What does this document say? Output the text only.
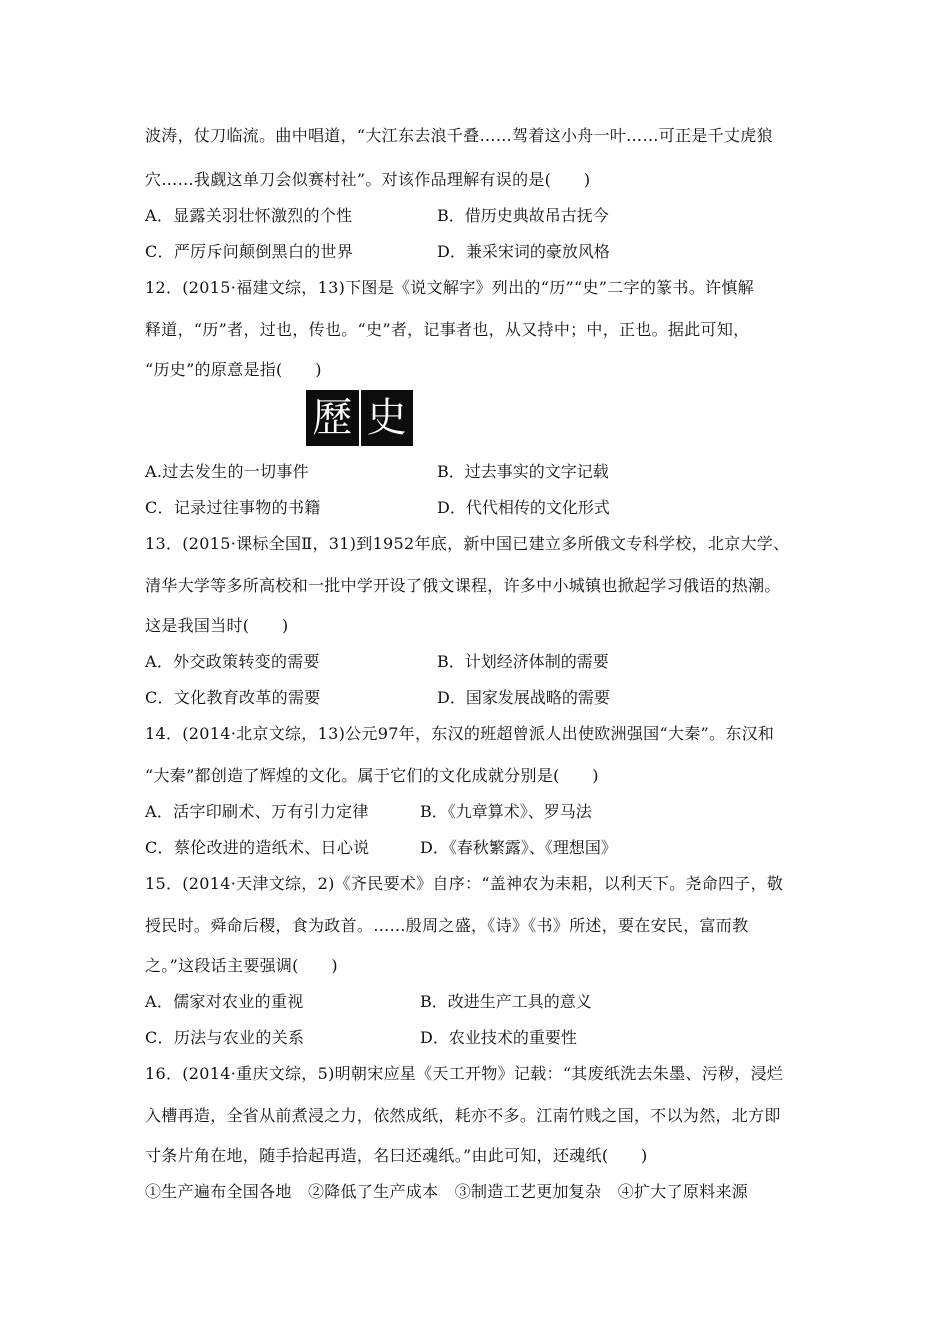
波涛，仗刀临流。曲中唱道，“大江东去浪千叠……驾着这小舟一叶……可正是千丈虎狼
穴……我觑这单刀会似赛村社”。对该作品理解有误的是(　　)
A．显露关羽壮怀激烈的个性	B．借历史典故吊古抚今
C．严厉斥问颠倒黑白的世界	D．兼采宋词的豪放风格
12．(2015·福建文综，13)下图是《说文解字》列出的“历”“史”二字的篆书。许慎解
释道，“历”者，过也，传也。“史”者，记事者也，从又持中；中，正也。据此可知，
“历史”的原意是指(　　)
歷 史
A.过去发生的一切事件	B．过去事实的文字记载
C．记录过往事物的书籍	D．代代相传的文化形式
13．(2015·课标全国Ⅱ，31)到1952年底，新中国已建立多所俄文专科学校，北京大学、
清华大学等多所高校和一批中学开设了俄文课程，许多中小城镇也掀起学习俄语的热潮。
这是我国当时(　　)
A．外交政策转变的需要	B．计划经济体制的需要
C．文化教育改革的需要	D．国家发展战略的需要
14．(2014·北京文综，13)公元97年，东汉的班超曾派人出使欧洲强国“大秦”。东汉和
“大秦”都创造了辉煌的文化。属于它们的文化成就分别是(　　)
A．活字印刷术、万有引力定律	B．《九章算术》、罗马法
C．蔡伦改进的造纸术、日心说	D．《春秋繁露》、《理想国》
15．(2014·天津文综，2)《齐民要术》自序：“盖神农为耒耜，以利天下。尧命四子，敬
授民时。舜命后稷，食为政首。……殷周之盛，《诗》《书》所述，要在安民，富而教
之。”这段话主要强调(　　)
A．儒家对农业的重视	B．改进生产工具的意义
C．历法与农业的关系	D．农业技术的重要性
16．(2014·重庆文综，5)明朝宋应星《天工开物》记载：“其废纸洗去朱墨、污秽，浸烂
入槽再造，全省从前煮浸之力，依然成纸，耗亦不多。江南竹贱之国，不以为然，北方即
寸条片角在地，随手拾起再造，名曰还魂纸。”由此可知，还魂纸(　　)
①生产遍布全国各地　②降低了生产成本　③制造工艺更加复杂　④扩大了原料来源
